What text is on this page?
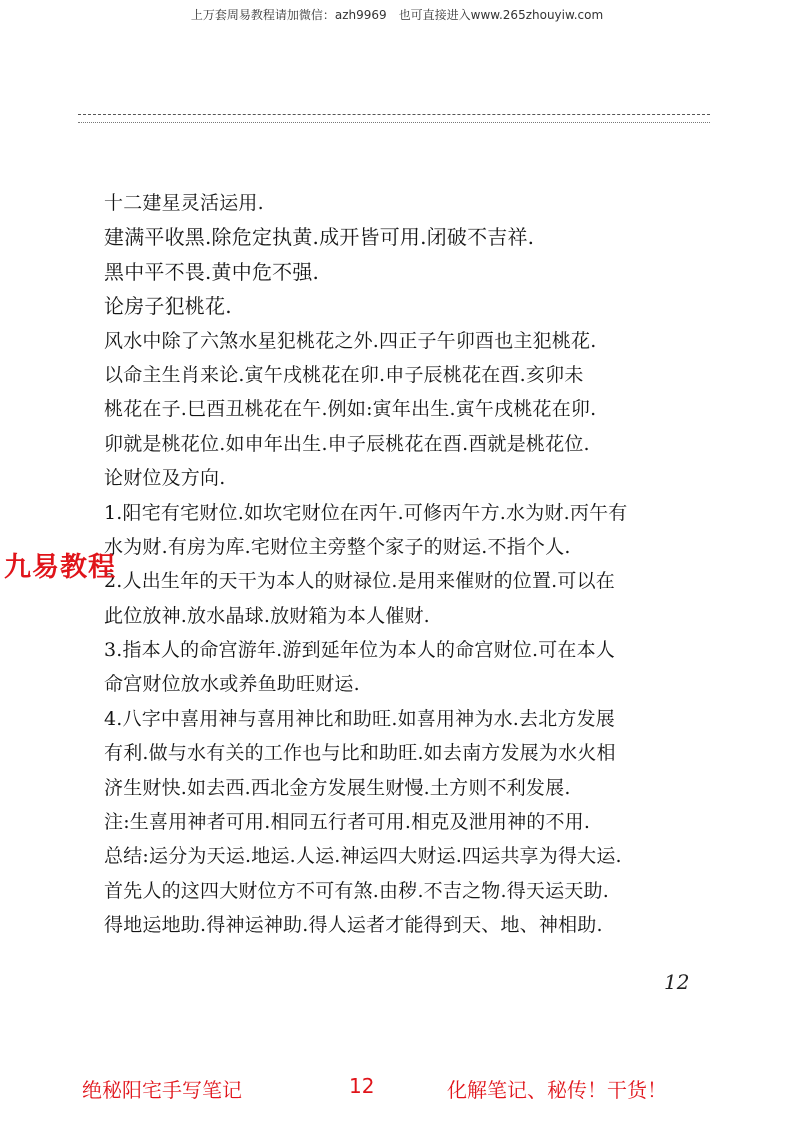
上万套周易教程请加微信：azh9969　也可直接进入www.265zhouyiw.com
十二建星灵活运用.
建满平收黑.除危定执黄.成开皆可用.闭破不吉祥.
黑中平不畏.黄中危不强.
论房子犯桃花.
风水中除了六煞水星犯桃花之外.四正子午卯酉也主犯桃花.
以命主生肖来论.寅午戌桃花在卯.申子辰桃花在酉.亥卯未
桃花在子.巳酉丑桃花在午.例如:寅年出生.寅午戌桃花在卯.
卯就是桃花位.如申年出生.申子辰桃花在酉.酉就是桃花位.
论财位及方向.
1.阳宅有宅财位.如坎宅财位在丙午.可修丙午方.水为财.丙午有
水为财.有房为库.宅财位主旁整个家子的财运.不指个人.
2.人出生年的天干为本人的财禄位.是用来催财的位置.可以在
此位放神.放水晶球.放财箱为本人催财.
3.指本人的命宫游年.游到延年位为本人的命宫财位.可在本人
命宫财位放水或养鱼助旺财运.
4.八字中喜用神与喜用神比和助旺.如喜用神为水.去北方发展
有利.做与水有关的工作也与比和助旺.如去南方发展为水火相
济生财快.如去西.西北金方发展生财慢.土方则不利发展.
注:生喜用神者可用.相同五行者可用.相克及泄用神的不用.
总结:运分为天运.地运.人运.神运四大财运.四运共享为得大运.
首先人的这四大财位方不可有煞.由秽.不吉之物.得天运天助.
得地运地助.得神运神助.得人运者才能得到天、地、神相助.
12
九易教程
绝秘阳宅手写笔记	12	化解笔记、秘传！干货！
